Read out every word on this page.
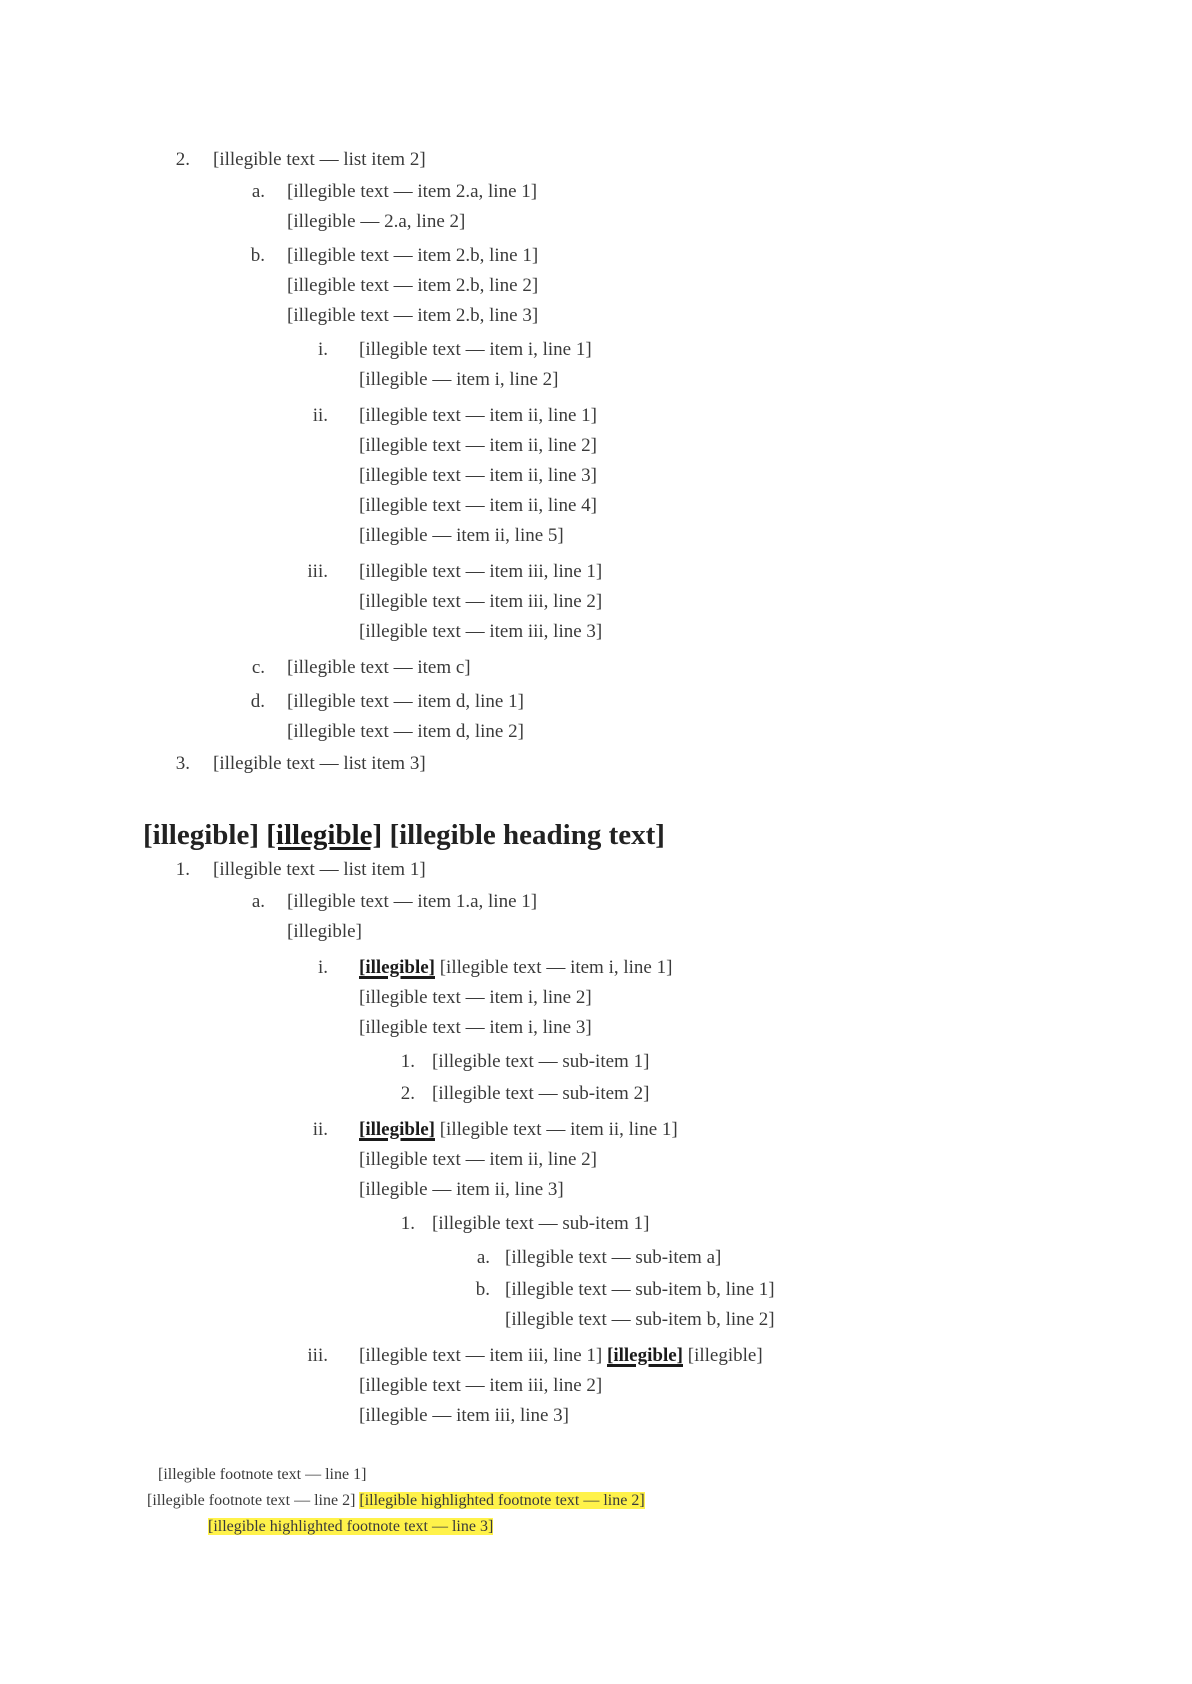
2. [illegible text — list item 2]
a. [illegible text — item 2.a, line 1]
[illegible — 2.a, line 2]
b. [illegible text — item 2.b, line 1]
[illegible text — item 2.b, line 2]
[illegible text — item 2.b, line 3]
i. [illegible text — item i, line 1]
[illegible — item i, line 2]
ii. [illegible text — item ii, line 1]
[illegible text — item ii, line 2]
[illegible text — item ii, line 3]
[illegible text — item ii, line 4]
[illegible — item ii, line 5]
iii. [illegible text — item iii, line 1]
[illegible text — item iii, line 2]
[illegible text — item iii, line 3]
c. [illegible text — item c]
d. [illegible text — item d, line 1]
[illegible text — item d, line 2]
3. [illegible text — list item 3]
[illegible] [illegible] [illegible heading text]
1. [illegible text — list item 1]
a. [illegible text — item 1.a, line 1]
[illegible]
i. [illegible] [illegible text — item i, line 1]
[illegible text — item i, line 2]
[illegible text — item i, line 3]
1. [illegible text — sub-item 1]
2. [illegible text — sub-item 2]
ii. [illegible] [illegible text — item ii, line 1]
[illegible text — item ii, line 2]
[illegible — item ii, line 3]
1. [illegible text — sub-item 1]
a. [illegible text — sub-item a]
b. [illegible text — sub-item b, line 1]
[illegible text — sub-item b, line 2]
iii. [illegible text — item iii, line 1] [illegible] [illegible]
[illegible text — item iii, line 2]
[illegible — item iii, line 3]
[illegible footnote text — line 1]
[illegible footnote text — line 2] [illegible highlighted footnote text — line 2]
[illegible highlighted footnote text — line 3]
